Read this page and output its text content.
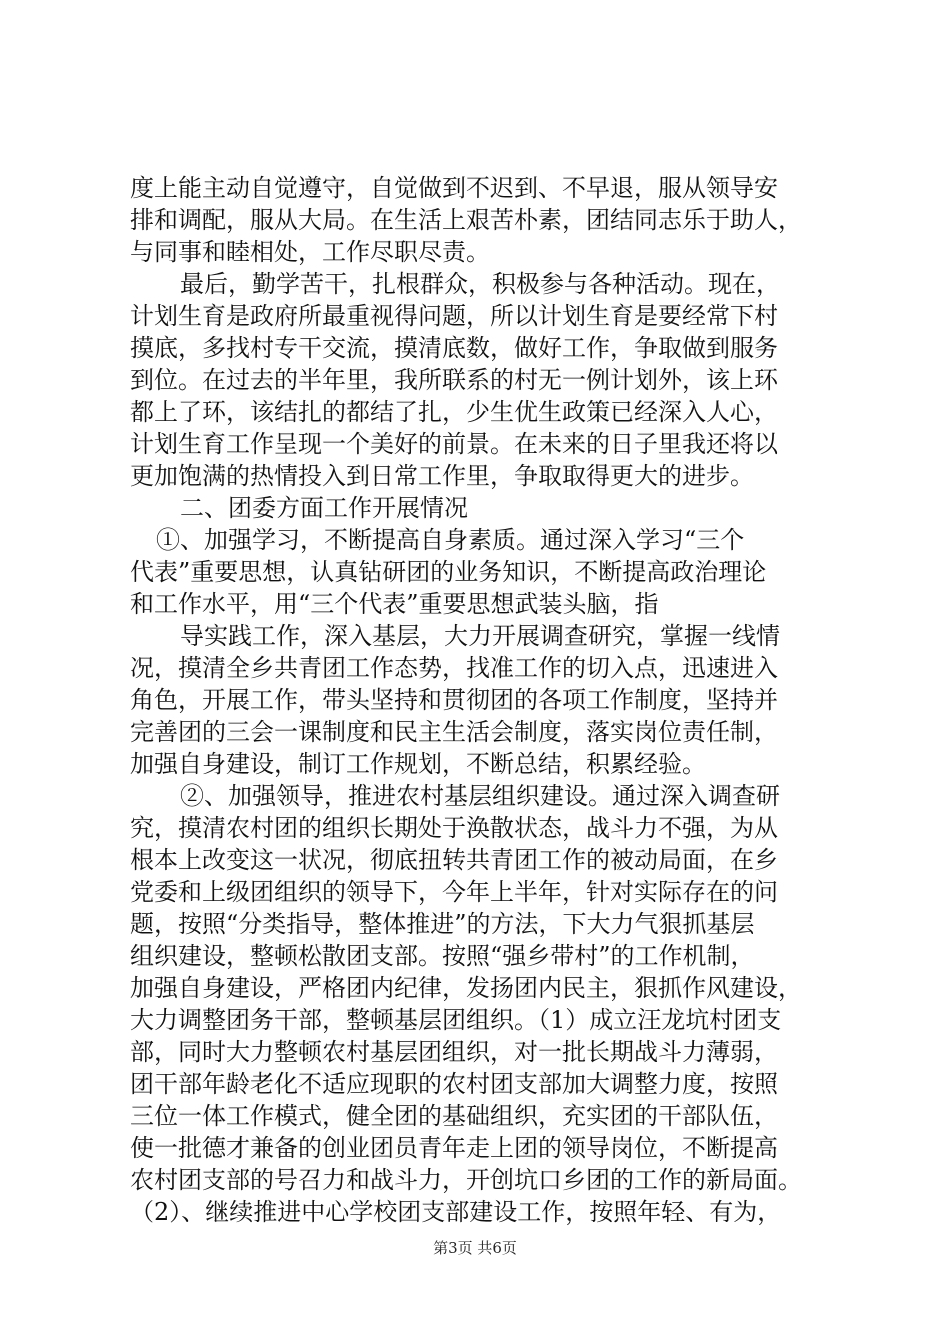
度上能主动自觉遵守，自觉做到不迟到、不早退，服从领导安
排和调配，服从大局。在生活上艰苦朴素，团结同志乐于助人，
与同事和睦相处，工作尽职尽责。
最后，勤学苦干，扎根群众，积极参与各种活动。现在，
计划生育是政府所最重视得问题，所以计划生育是要经常下村
摸底，多找村专干交流，摸清底数，做好工作，争取做到服务
到位。在过去的半年里，我所联系的村无一例计划外，该上环
都上了环，该结扎的都结了扎，少生优生政策已经深入人心，
计划生育工作呈现一个美好的前景。在未来的日子里我还将以
更加饱满的热情投入到日常工作里，争取取得更大的进步。
二、团委方面工作开展情况
①、加强学习，不断提高自身素质。通过深入学习“三个
代表”重要思想，认真钻研团的业务知识，不断提高政治理论
和工作水平，用“三个代表”重要思想武装头脑，指
导实践工作，深入基层，大力开展调查研究，掌握一线情
况，摸清全乡共青团工作态势，找准工作的切入点，迅速进入
角色，开展工作，带头坚持和贯彻团的各项工作制度，坚持并
完善团的三会一课制度和民主生活会制度，落实岗位责任制，
加强自身建设，制订工作规划，不断总结，积累经验。
②、加强领导，推进农村基层组织建设。通过深入调查研
究，摸清农村团的组织长期处于涣散状态，战斗力不强，为从
根本上改变这一状况，彻底扭转共青团工作的被动局面，在乡
党委和上级团组织的领导下，今年上半年，针对实际存在的问
题，按照“分类指导，整体推进”的方法，下大力气狠抓基层
组织建设，整顿松散团支部。按照“强乡带村”的工作机制，
加强自身建设，严格团内纪律，发扬团内民主，狠抓作风建设，
大力调整团务干部，整顿基层团组织。（1）成立汪龙坑村团支
部，同时大力整顿农村基层团组织，对一批长期战斗力薄弱，
团干部年龄老化不适应现职的农村团支部加大调整力度，按照
三位一体工作模式，健全团的基础组织，充实团的干部队伍，
使一批德才兼备的创业团员青年走上团的领导岗位，不断提高
农村团支部的号召力和战斗力，开创坑口乡团的工作的新局面。
（2）、继续推进中心学校团支部建设工作，按照年轻、有为，
第3页 共6页
